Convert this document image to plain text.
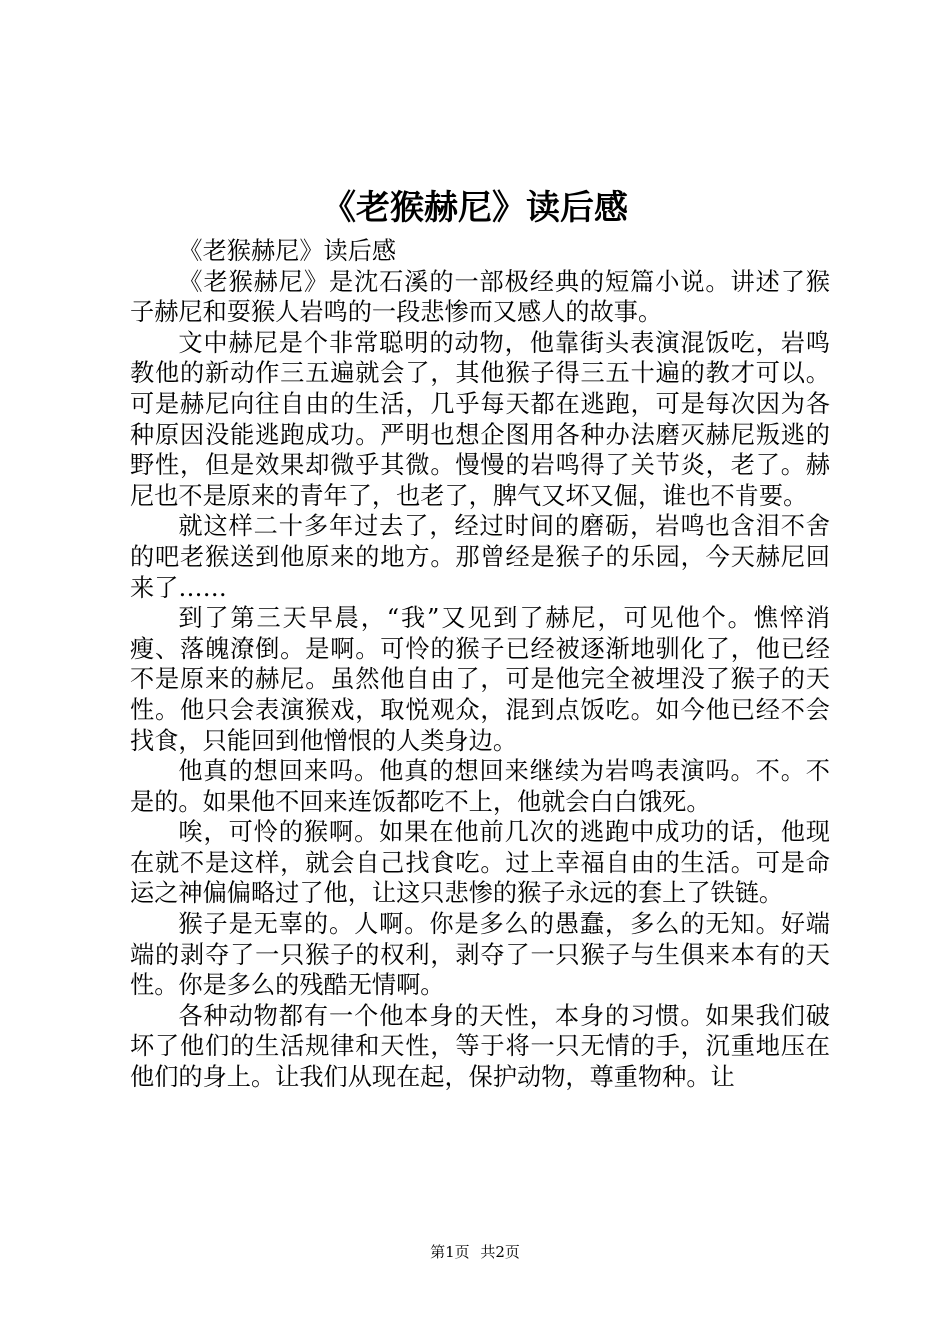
《老猴赫尼》读后感

《老猴赫尼》读后感

《老猴赫尼》是沈石溪的一部极经典的短篇小说。讲述了猴子赫尼和耍猴人岩鸣的一段悲惨而又感人的故事。

文中赫尼是个非常聪明的动物，他靠街头表演混饭吃，岩鸣教他的新动作三五遍就会了，其他猴子得三五十遍的教才可以。可是赫尼向往自由的生活，几乎每天都在逃跑，可是每次因为各种原因没能逃跑成功。严明也想企图用各种办法磨灭赫尼叛逃的野性，但是效果却微乎其微。慢慢的岩鸣得了关节炎，老了。赫尼也不是原来的青年了，也老了，脾气又坏又倔，谁也不肯要。

就这样二十多年过去了，经过时间的磨砺，岩鸣也含泪不舍的吧老猴送到他原来的地方。那曾经是猴子的乐园，今天赫尼回来了……

到了第三天早晨，“我”又见到了赫尼，可见他个。憔悴消瘦、落魄潦倒。是啊。可怜的猴子已经被逐渐地驯化了，他已经不是原来的赫尼。虽然他自由了，可是他完全被埋没了猴子的天性。他只会表演猴戏，取悦观众，混到点饭吃。如今他已经不会找食，只能回到他憎恨的人类身边。

他真的想回来吗。他真的想回来继续为岩鸣表演吗。不。不是的。如果他不回来连饭都吃不上，他就会白白饿死。

唉，可怜的猴啊。如果在他前几次的逃跑中成功的话，他现在就不是这样，就会自己找食吃。过上幸福自由的生活。可是命运之神偏偏略过了他，让这只悲惨的猴子永远的套上了铁链。

猴子是无辜的。人啊。你是多么的愚蠢，多么的无知。好端端的剥夺了一只猴子的权利，剥夺了一只猴子与生俱来本有的天性。你是多么的残酷无情啊。

各种动物都有一个他本身的天性，本身的习惯。如果我们破坏了他们的生活规律和天性，等于将一只无情的手，沉重地压在他们的身上。让我们从现在起，保护动物，尊重物种。让

第1页 共2页
